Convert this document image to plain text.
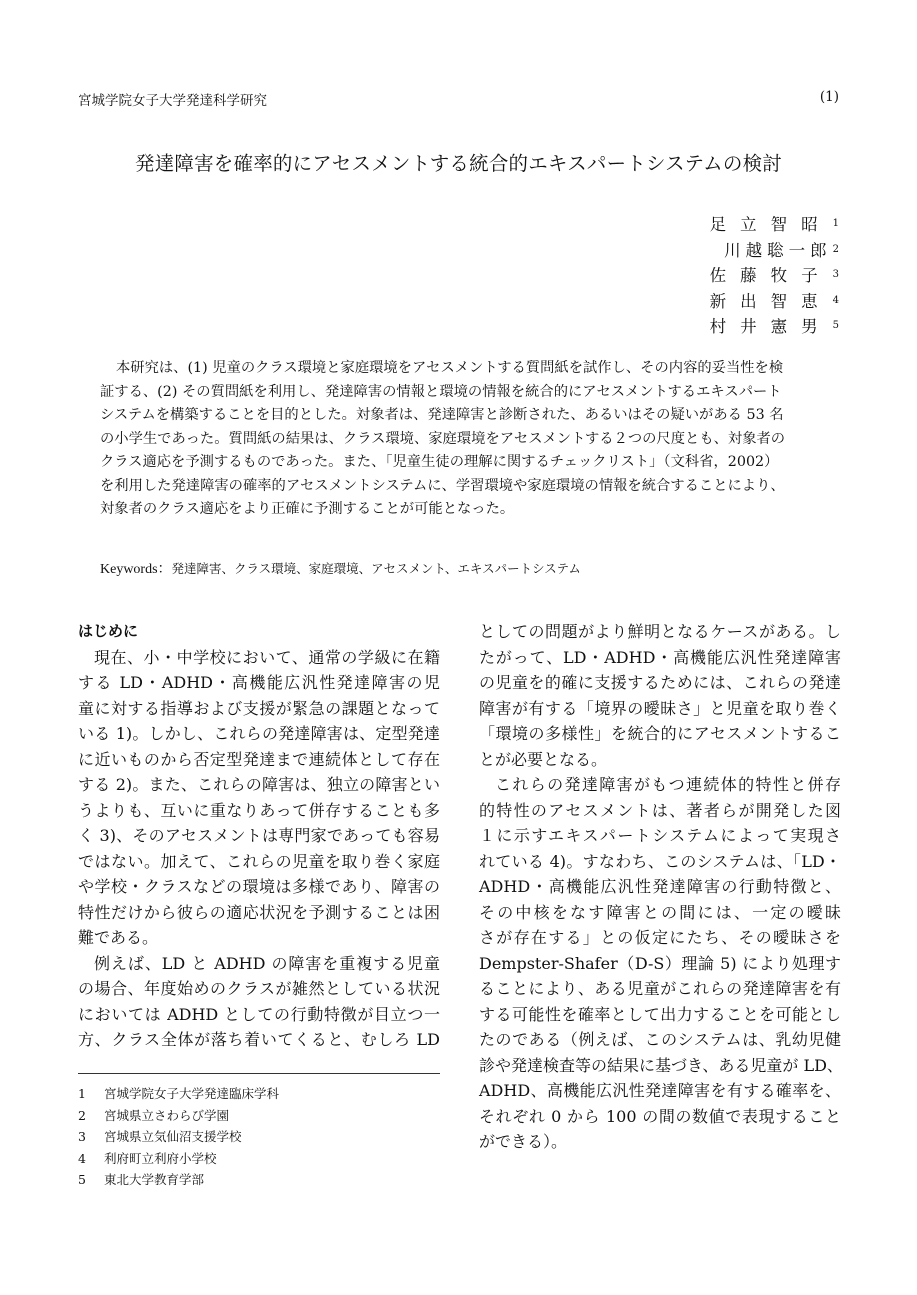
宮城学院女子大学発達科学研究	(1)
発達障害を確率的にアセスメントする統合的エキスパートシステムの検討
足立智昭$^1$
川越聡一郎$^2$
佐藤牧子$^3$
新出智恵$^4$
村井憲男$^5$
本研究は、(1) 児童のクラス環境と家庭環境をアセスメントする質問紙を試作し、その内容的妥当性を検
証する、(2) その質問紙を利用し、発達障害の情報と環境の情報を統合的にアセスメントするエキスパート
システムを構築することを目的とした。対象者は、発達障害と診断された、あるいはその疑いがある 53 名
の小学生であった。質問紙の結果は、クラス環境、家庭環境をアセスメントする２つの尺度とも、対象者の
クラス適応を予測するものであった。また、「児童生徒の理解に関するチェックリスト」（文科省，2002）
を利用した発達障害の確率的アセスメントシステムに、学習環境や家庭環境の情報を統合することにより、
対象者のクラス適応をより正確に予測することが可能となった。
Keywords：発達障害、クラス環境、家庭環境、アセスメント、エキスパートシステム
はじめに
現在、小・中学校において、通常の学級に在籍
する LD・ADHD・高機能広汎性発達障害の児
童に対する指導および支援が緊急の課題となって
いる 1)。しかし、これらの発達障害は、定型発達
に近いものから否定型発達まで連続体として存在
する 2)。また、これらの障害は、独立の障害とい
うよりも、互いに重なりあって併存することも多
く 3)、そのアセスメントは専門家であっても容易
ではない。加えて、これらの児童を取り巻く家庭
や学校・クラスなどの環境は多様であり、障害の
特性だけから彼らの適応状況を予測することは困
難である。
例えば、LD と ADHD の障害を重複する児童
の場合、年度始めのクラスが雑然としている状況
においては ADHD としての行動特徴が目立つ一
方、クラス全体が落ち着いてくると、むしろ LD
としての問題がより鮮明となるケースがある。し
たがって、LD・ADHD・高機能広汎性発達障害
の児童を的確に支援するためには、これらの発達
障害が有する「境界の曖昧さ」と児童を取り巻く
「環境の多様性」を統合的にアセスメントするこ
とが必要となる。
これらの発達障害がもつ連続体的特性と併存
的特性のアセスメントは、著者らが開発した図
１に示すエキスパートシステムによって実現さ
れている 4)。すなわち、このシステムは、「LD・
ADHD・高機能広汎性発達障害の行動特徴と、
その中核をなす障害との間には、一定の曖昧
さが存在する」との仮定にたち、その曖昧さを
Dempster-Shafer（D-S）理論 5) により処理す
ることにより、ある児童がこれらの発達障害を有
する可能性を確率として出力することを可能とし
たのである（例えば、このシステムは、乳幼児健
診や発達検査等の結果に基づき、ある児童が LD、
ADHD、高機能広汎性発達障害を有する確率を、
それぞれ 0 から 100 の間の数値で表現すること
ができる）。
1	宮城学院女子大学発達臨床学科
2	宮城県立さわらび学園
3	宮城県立気仙沼支援学校
4	利府町立利府小学校
5	東北大学教育学部
